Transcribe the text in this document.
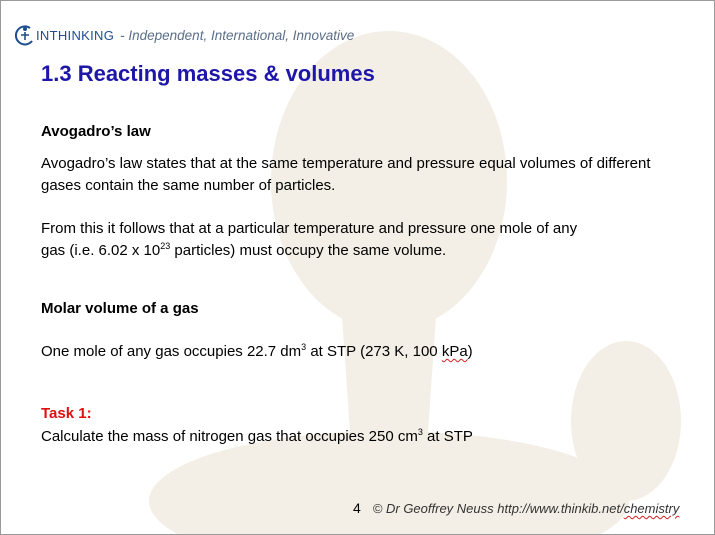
INTHINKING - Independent, International, Innovative
1.3 Reacting masses & volumes
Avogadro’s law
Avogadro’s law states that at the same temperature and pressure equal volumes of different gases contain the same number of particles.
From this it follows that at a particular temperature and pressure one mole of any
gas (i.e. 6.02 x $10^{23}$ particles) must occupy the same volume.
Molar volume of a gas
One mole of any gas occupies 22.7 $dm^3$ at STP (273 K, 100 kPa)
Task 1:
Calculate the mass of nitrogen gas that occupies 250 $cm^3$ at STP
4 © Dr Geoffrey Neuss http://www.thinkib.net/chemistry
